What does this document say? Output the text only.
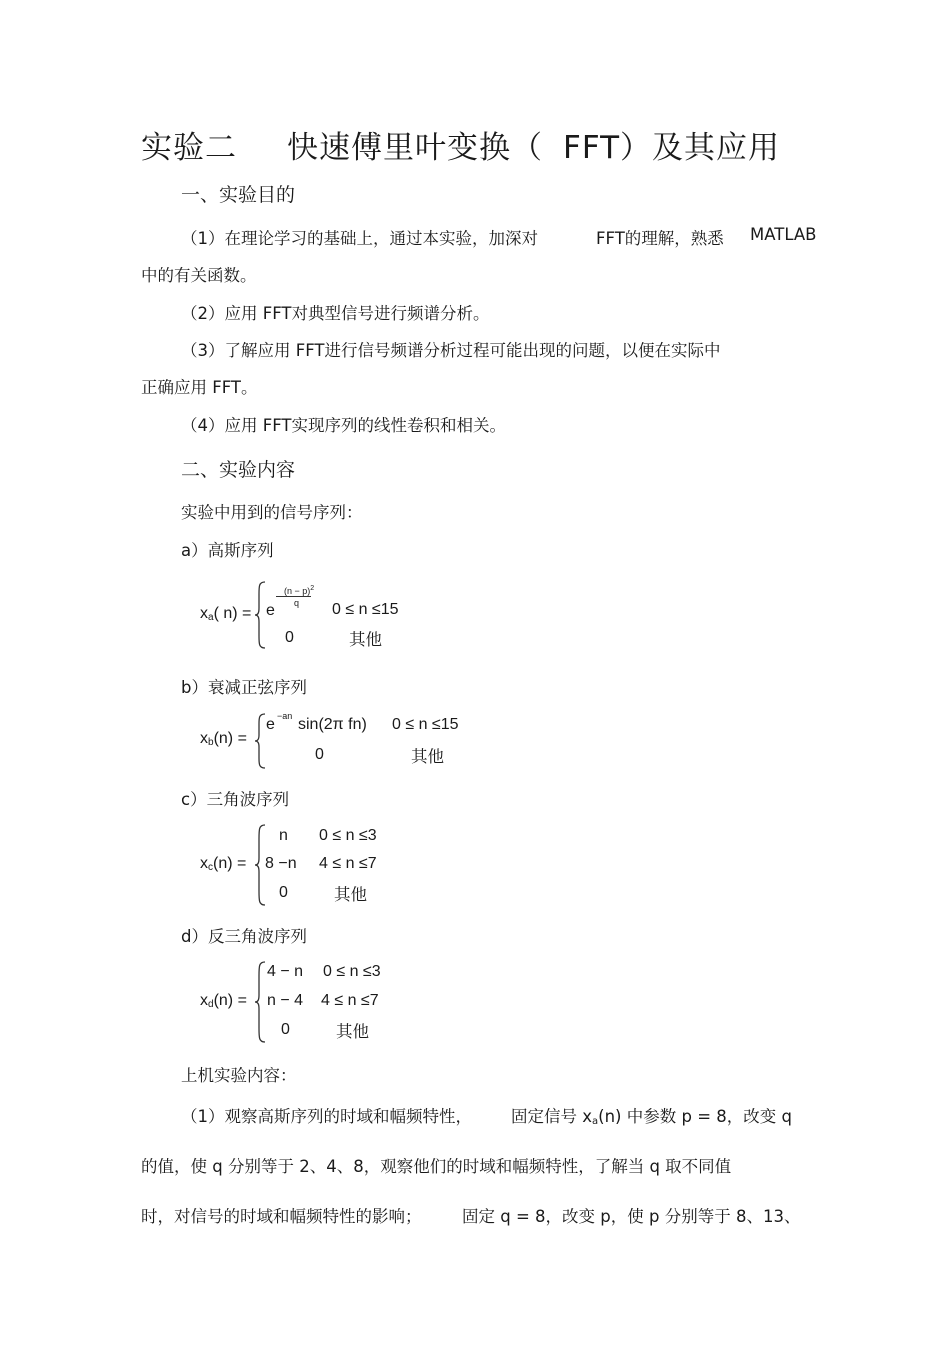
实验二 快速傅里叶变换（ FFT）及其应用
一、实验目的
（1）在理论学习的基础上，通过本实验，加深对	FFT的理解，熟悉 MATLAB
中的有关函数。
（2）应用 FFT对典型信号进行频谱分析。
（3）了解应用 FFT进行信号频谱分析过程可能出现的问题，以便在实际中
正确应用 FFT。
（4）应用 FFT实现序列的线性卷积和相关。
二、实验内容
实验中用到的信号序列：
a）高斯序列
$x_a$( n) = e
$(n - p)^2$
q 0 ≤ n ≤15
0	其他
b）衰减正弦序列
$x_b(n)$ =
e −an sin(2π fn) 0 ≤ n ≤15
0	其他
c）三角波序列
$x_c(n)$ =
n 0 ≤ n ≤3
8 −n 4 ≤ n ≤7
0	其他
d）反三角波序列
$x_d(n)$ =
4 − n 0 ≤ n ≤3
n − 4 4 ≤ n ≤7
0	其他
上机实验内容：
（1）观察高斯序列的时域和幅频特性， 固定信号 $x_a(n)$ 中参数 p = 8，改变 q
的值，使 q 分别等于 2、4、8，观察他们的时域和幅频特性，了解当 q 取不同值
时，对信号的时域和幅频特性的影响； 固定 q = 8，改变 p，使 p 分别等于 8、13、
